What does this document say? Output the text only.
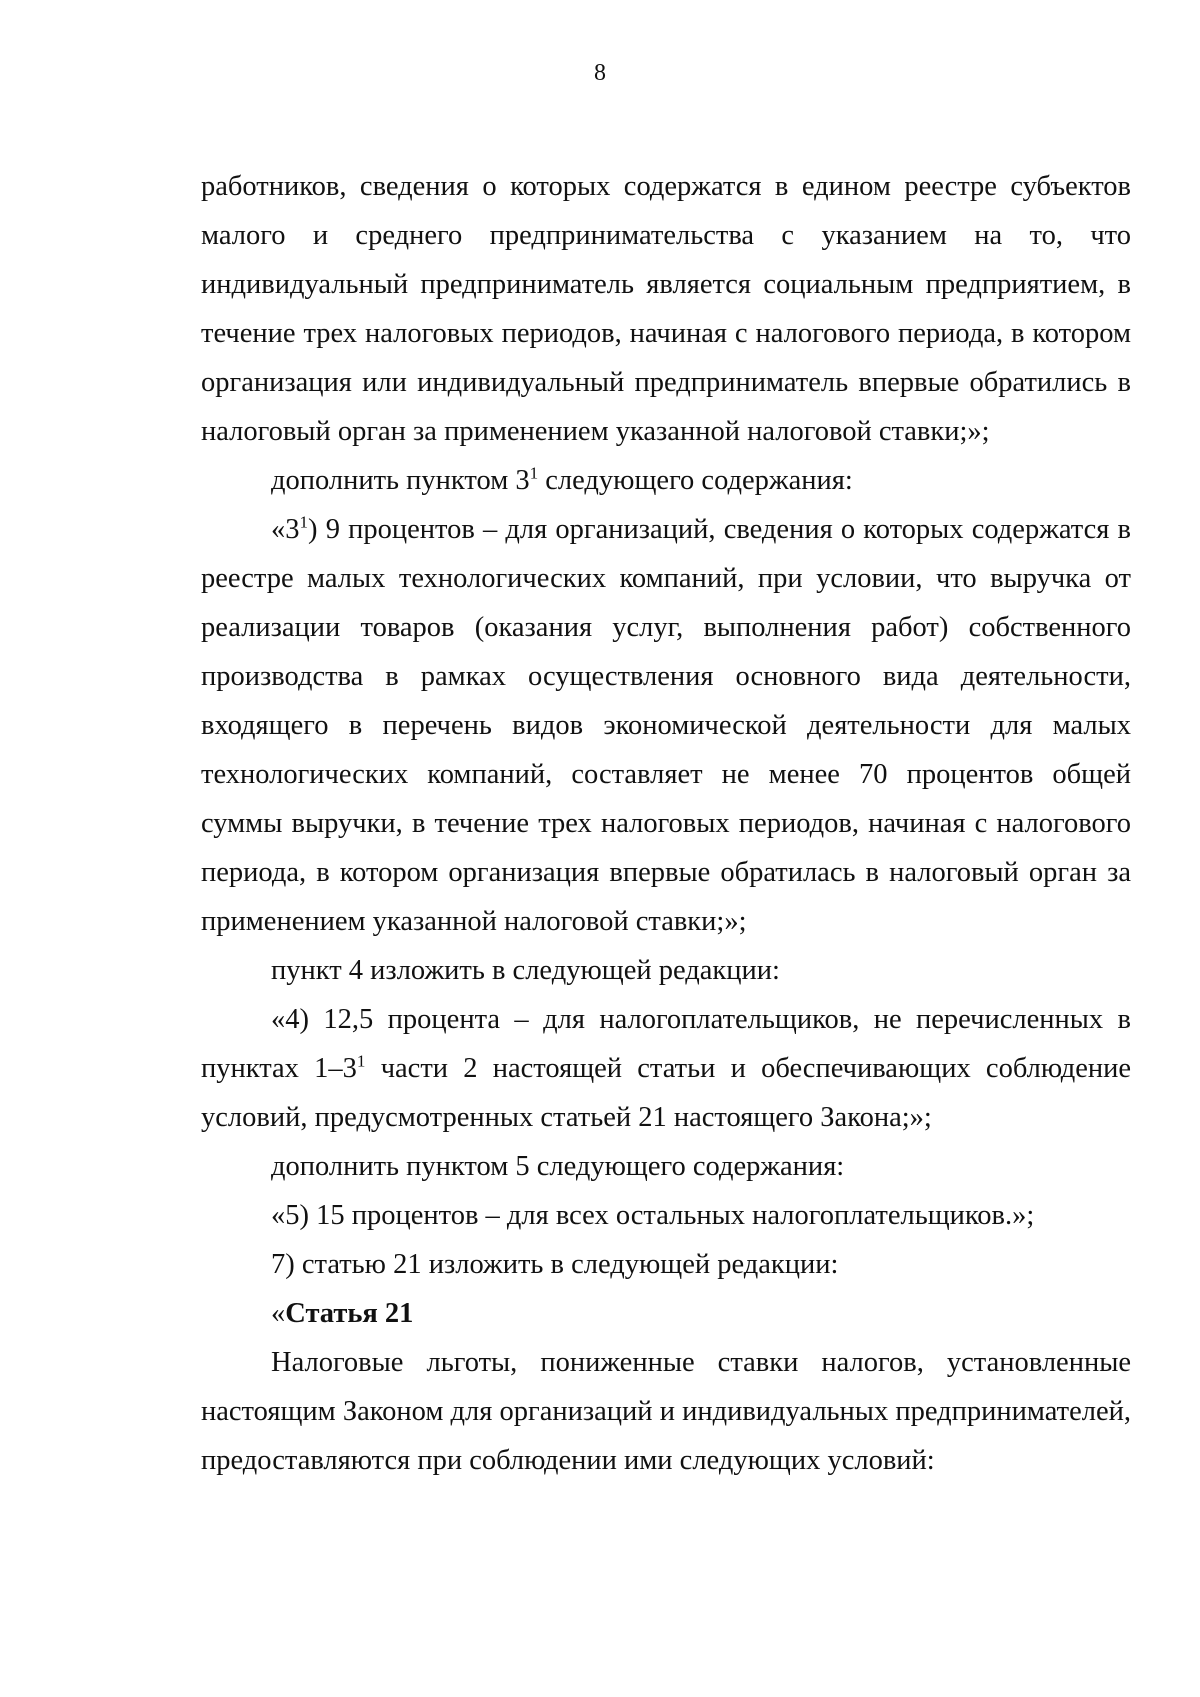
8

работников, сведения о которых содержатся в едином реестре субъектов малого и среднего предпринимательства с указанием на то, что индивидуальный предприниматель является социальным предприятием, в течение трех налоговых периодов, начиная с налогового периода, в котором организация или индивидуальный предприниматель впервые обратились в налоговый орган за применением указанной налоговой ставки;»;

дополнить пунктом $3^1$ следующего содержания:

«$3^1$) 9 процентов – для организаций, сведения о которых содержатся в реестре малых технологических компаний, при условии, что выручка от реализации товаров (оказания услуг, выполнения работ) собственного производства в рамках осуществления основного вида деятельности, входящего в перечень видов экономической деятельности для малых технологических компаний, составляет не менее 70 процентов общей суммы выручки, в течение трех налоговых периодов, начиная с налогового периода, в котором организация впервые обратилась в налоговый орган за применением указанной налоговой ставки;»;

пункт 4 изложить в следующей редакции:

«4) 12,5 процента – для налогоплательщиков, не перечисленных в пунктах $1-3^1$ части 2 настоящей статьи и обеспечивающих соблюдение условий, предусмотренных статьей 21 настоящего Закона;»;

дополнить пунктом 5 следующего содержания:

«5) 15 процентов – для всех остальных налогоплательщиков.»;

7) статью 21 изложить в следующей редакции:

«Статья 21

Налоговые льготы, пониженные ставки налогов, установленные настоящим Законом для организаций и индивидуальных предпринимателей, предоставляются при соблюдении ими следующих условий:
